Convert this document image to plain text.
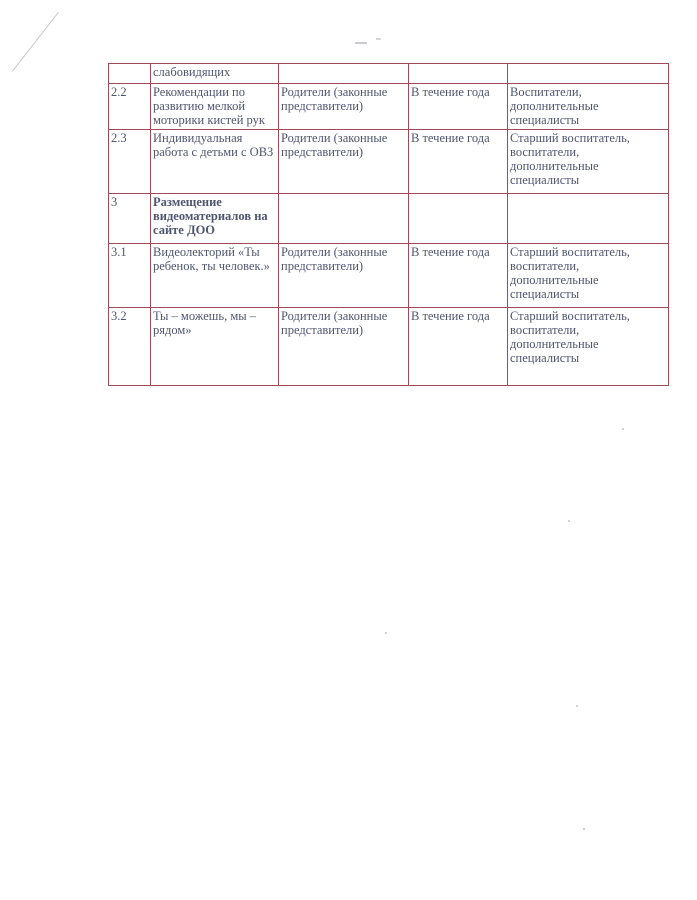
	слабовидящих			
2.2	Рекомендации по развитию мелкой моторики кистей рук	Родители (законные представители)	В течение года	Воспитатели, дополнительные специалисты
2.3	Индивидуальная работа с детьми с ОВЗ	Родители (законные представители)	В течение года	Старший воспитатель, воспитатели, дополнительные специалисты
3	Размещение видеоматериалов на сайте ДОО			
3.1	Видеолекторий «Ты ребенок, ты человек.»	Родители (законные представители)	В течение года	Старший воспитатель, воспитатели, дополнительные специалисты
3.2	Ты – можешь, мы – рядом»	Родители (законные представители)	В течение года	Старший воспитатель, воспитатели, дополнительные специалисты
